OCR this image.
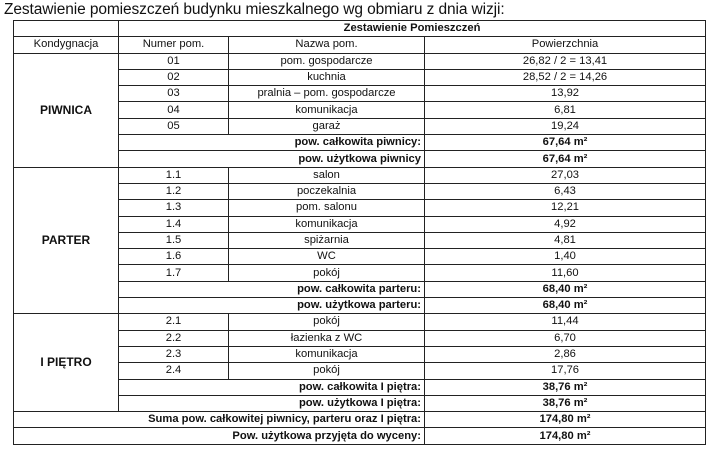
Zestawienie pomieszczeń budynku mieszkalnego wg obmiaru z dnia wizji:
	Zestawienie Pomieszczeń		
Kondygnacja	Numer pom.	Nazwa pom.	Powierzchnia
PIWNICA	01	pom. gospodarcze	26,82 / 2 = 13,41
	02	kuchnia	28,52 / 2 = 14,26
	03	pralnia – pom. gospodarcze	13,92
	04	komunikacja	6,81
	05	garaż	19,24
	pow. całkowita piwnicy:		67,64 m²
	pow. użytkowa piwnicy		67,64 m²
PARTER	1.1	salon	27,03
	1.2	poczekalnia	6,43
	1.3	pom. salonu	12,21
	1.4	komunikacja	4,92
	1.5	spiżarnia	4,81
	1.6	WC	1,40
	1.7	pokój	11,60
	pow. całkowita parteru:		68,40 m²
	pow. użytkowa parteru:		68,40 m²
I PIĘTRO	2.1	pokój	11,44
	2.2	łazienka z WC	6,70
	2.3	komunikacja	2,86
	2.4	pokój	17,76
	pow. całkowita I piętra:		38,76 m²
	pow. użytkowa I piętra:		38,76 m²
Suma pow. całkowitej piwnicy, parteru oraz I piętra:			174,80 m²
Pow. użytkowa przyjęta do wyceny:			174,80 m²
